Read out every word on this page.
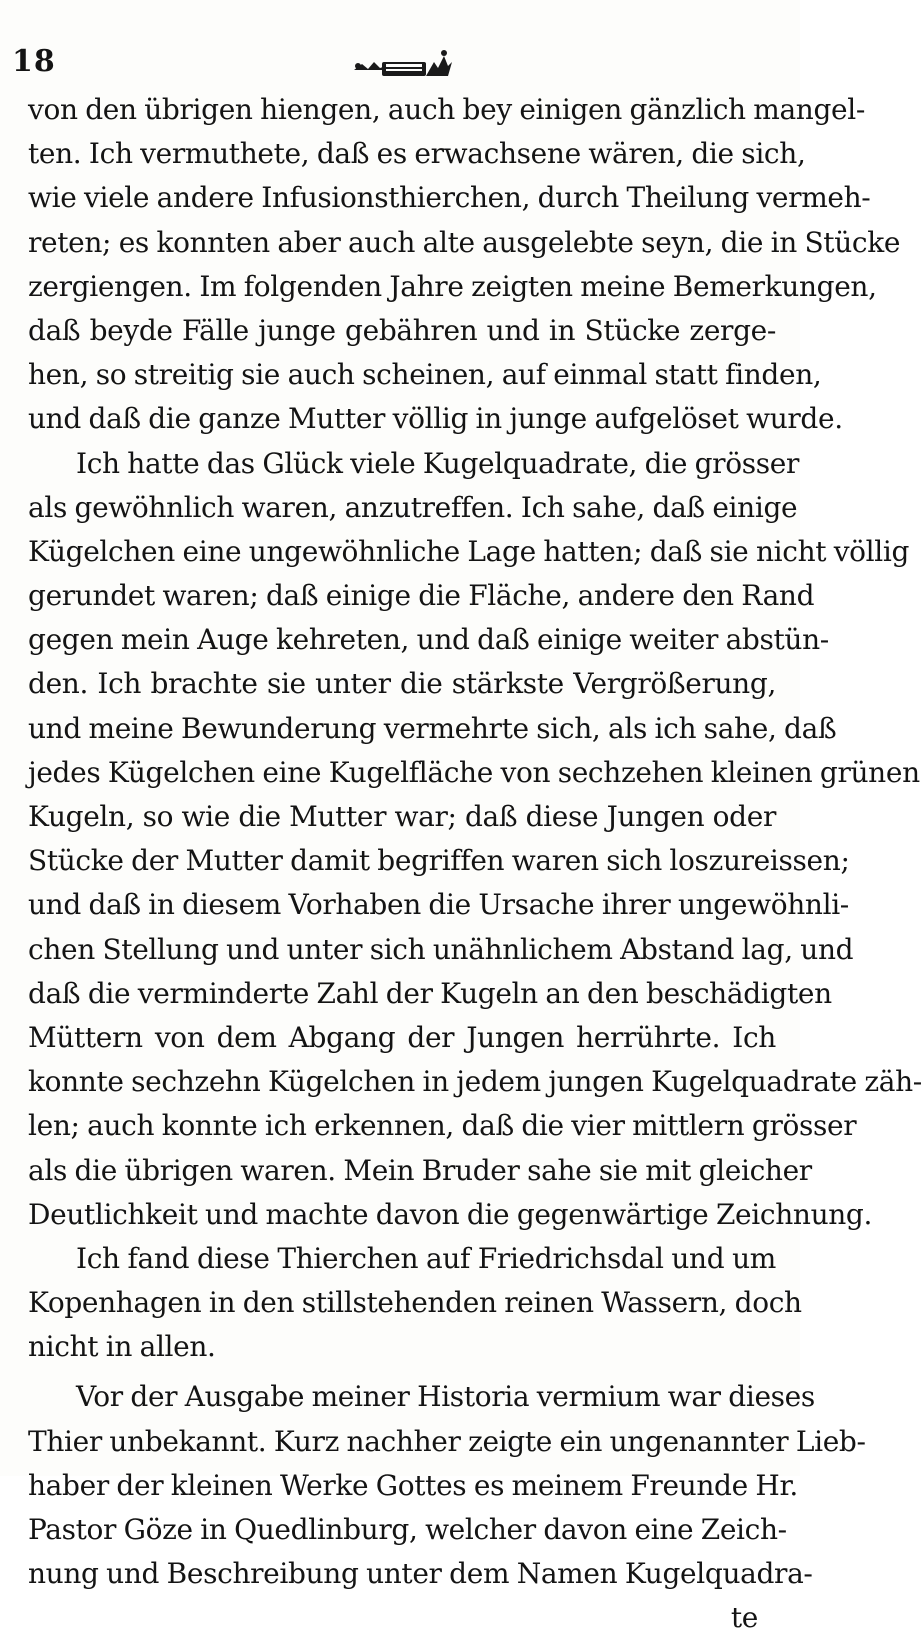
18
von den übrigen hiengen, auch bey einigen gänzlich mangel-
ten. Ich vermuthete, daß es erwachsene wären, die sich,
wie viele andere Infusionsthierchen, durch Theilung vermeh-
reten; es konnten aber auch alte ausgelebte seyn, die in Stücke
zergiengen. Im folgenden Jahre zeigten meine Bemerkungen,
daß beyde Fälle junge gebähren und in Stücke zerge-
hen, so streitig sie auch scheinen, auf einmal statt finden,
und daß die ganze Mutter völlig in junge aufgelöset wurde.
Ich hatte das Glück viele Kugelquadrate, die grösser
als gewöhnlich waren, anzutreffen. Ich sahe, daß einige
Kügelchen eine ungewöhnliche Lage hatten; daß sie nicht völlig
gerundet waren; daß einige die Fläche, andere den Rand
gegen mein Auge kehreten, und daß einige weiter abstün-
den. Ich brachte sie unter die stärkste Vergrößerung,
und meine Bewunderung vermehrte sich, als ich sahe, daß
jedes Kügelchen eine Kugelfläche von sechzehen kleinen grünen
Kugeln, so wie die Mutter war; daß diese Jungen oder
Stücke der Mutter damit begriffen waren sich loszureissen;
und daß in diesem Vorhaben die Ursache ihrer ungewöhnli-
chen Stellung und unter sich unähnlichem Abstand lag, und
daß die verminderte Zahl der Kugeln an den beschädigten
Müttern von dem Abgang der Jungen herrührte. Ich
konnte sechzehn Kügelchen in jedem jungen Kugelquadrate zäh-
len; auch konnte ich erkennen, daß die vier mittlern grösser
als die übrigen waren. Mein Bruder sahe sie mit gleicher
Deutlichkeit und machte davon die gegenwärtige Zeichnung.
Ich fand diese Thierchen auf Friedrichsdal und um
Kopenhagen in den stillstehenden reinen Wassern, doch
nicht in allen.
Vor der Ausgabe meiner Historia vermium war dieses
Thier unbekannt. Kurz nachher zeigte ein ungenannter Lieb-
haber der kleinen Werke Gottes es meinem Freunde Hr.
Pastor Göze in Quedlinburg, welcher davon eine Zeich-
nung und Beschreibung unter dem Namen Kugelquadra-
te
